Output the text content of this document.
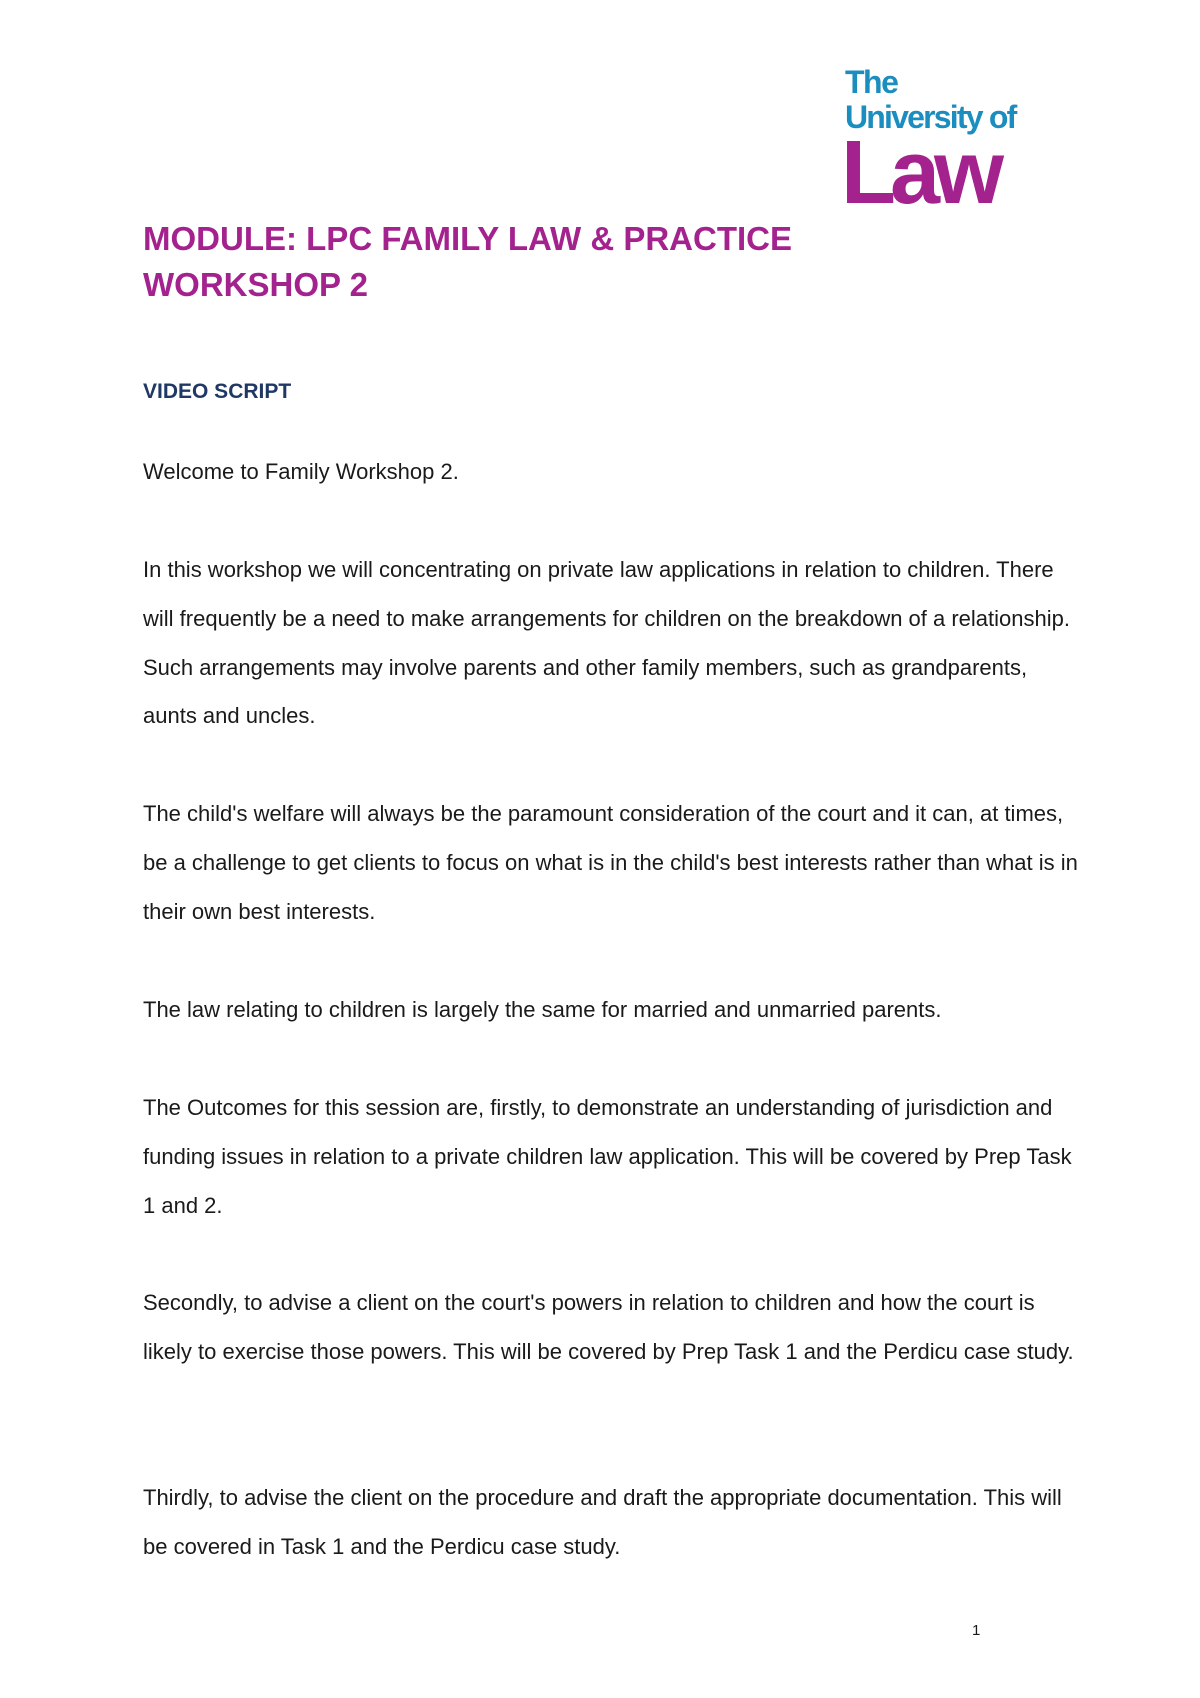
The
University of
Law
MODULE: LPC FAMILY LAW & PRACTICE
WORKSHOP 2
VIDEO SCRIPT

Welcome to Family Workshop 2.

In this workshop we will concentrating on private law applications in relation to children. There will frequently be a need to make arrangements for children on the breakdown of a relationship. Such arrangements may involve parents and other family members, such as grandparents, aunts and uncles.

The child's welfare will always be the paramount consideration of the court and it can, at times, be a challenge to get clients to focus on what is in the child's best interests rather than what is in their own best interests.

The law relating to children is largely the same for married and unmarried parents.

The Outcomes for this session are, firstly, to demonstrate an understanding of jurisdiction and funding issues in relation to a private children law application. This will be covered by Prep Task 1 and 2.

Secondly, to advise a client on the court's powers in relation to children and how the court is likely to exercise those powers. This will be covered by Prep Task 1 and the Perdicu case study.

Thirdly, to advise the client on the procedure and draft the appropriate documentation. This will be covered in Task 1 and the Perdicu case study.

1
